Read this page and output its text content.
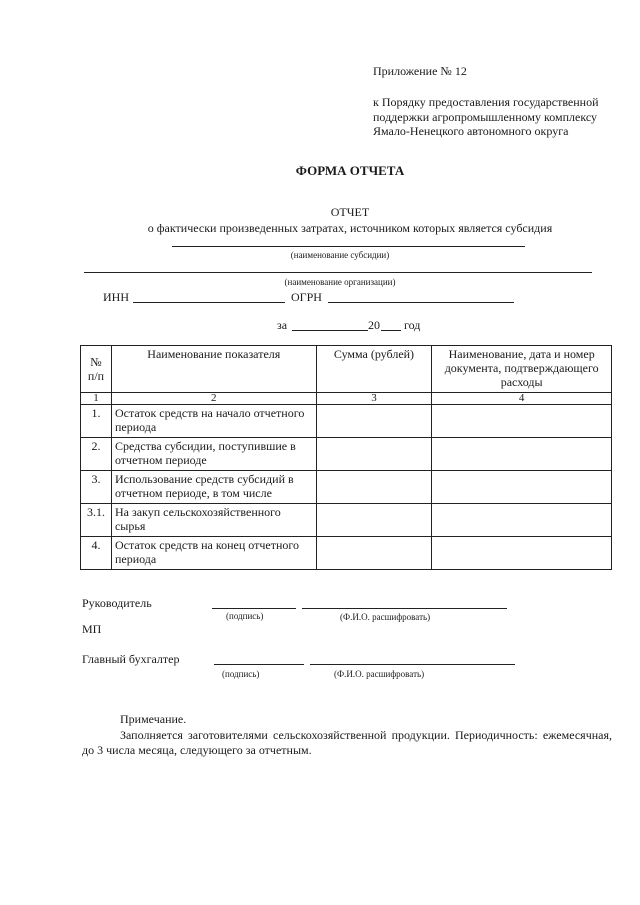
Приложение № 12
к Порядку предоставления государственной
поддержки агропромышленному комплексу
Ямало-Ненецкого автономного округа
ФОРМА ОТЧЕТА
ОТЧЕТ
о фактически произведенных затратах, источником которых является субсидия
(наименование субсидии)
(наименование организации)
ИНН	ОГРН
за	20 год
№ п/п	Наименование показателя	Сумма (рублей)	Наименование, дата и номер документа, подтверждающего расходы
1	2	3	4
1.	Остаток средств на начало отчетного периода		
2.	Средства субсидии, поступившие в отчетном периоде		
3.	Использование средств субсидий в отчетном периоде, в том числе		
3.1.	На закуп сельскохозяйственного сырья		
4.	Остаток средств на конец отчетного периода		
Руководитель
(подпись)	(Ф.И.О. расшифровать)
МП
Главный бухгалтер
(подпись)	(Ф.И.О. расшифровать)
Примечание.
Заполняется заготовителями сельскохозяйственной продукции. Периодичность: ежемесячная, до 3 числа месяца, следующего за отчетным.
